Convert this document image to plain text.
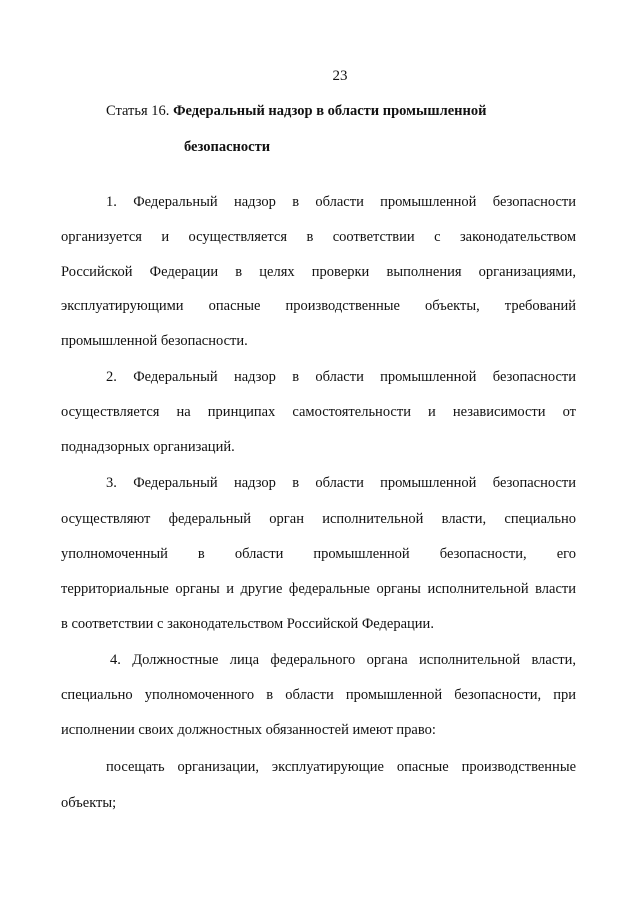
23
Статья 16. Федеральный надзор в области промышленной
безопасности
1. Федеральный надзор в области промышленной безопасности
организуется и осуществляется в соответствии с законодательством
Российской Федерации в целях проверки выполнения организациями,
эксплуатирующими опасные производственные объекты, требований
промышленной безопасности.
2. Федеральный надзор в области промышленной безопасности
осуществляется на принципах самостоятельности и независимости от
поднадзорных организаций.
3. Федеральный надзор в области промышленной безопасности
осуществляют федеральный орган исполнительной власти, специально
уполномоченный в области промышленной безопасности, его
территориальные органы и другие федеральные органы исполнительной власти
в соответствии с законодательством Российской Федерации.
4. Должностные лица федерального органа исполнительной власти,
специально уполномоченного в области промышленной безопасности, при
исполнении своих должностных обязанностей имеют право:
посещать организации, эксплуатирующие опасные производственные
объекты;
